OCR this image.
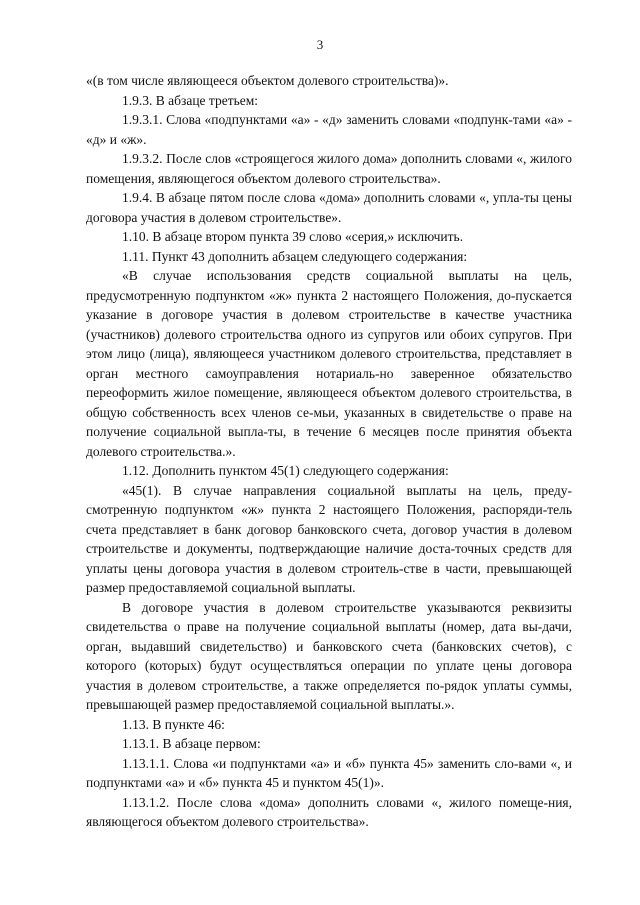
3

«(в том числе являющееся объектом долевого строительства)».

1.9.3. В абзаце третьем:

1.9.3.1. Слова «подпунктами «а» - «д» заменить словами «подпунк-тами «а» - «д» и «ж».

1.9.3.2. После слов «строящегося жилого дома» дополнить словами «, жилого помещения, являющегося объектом долевого строительства».

1.9.4. В абзаце пятом после слова «дома» дополнить словами «, упла-ты цены договора участия в долевом строительстве».

1.10. В абзаце втором пункта 39 слово «серия,» исключить.

1.11. Пункт 43 дополнить абзацем следующего содержания:

«В случае использования средств социальной выплаты на цель, предусмотренную подпунктом «ж» пункта 2 настоящего Положения, до-пускается указание в договоре участия в долевом строительстве в качестве участника (участников) долевого строительства одного из супругов или обоих супругов. При этом лицо (лица), являющееся участником долевого строительства, представляет в орган местного самоуправления нотариаль-но заверенное обязательство переоформить жилое помещение, являющееся объектом долевого строительства, в общую собственность всех членов се-мьи, указанных в свидетельстве о праве на получение социальной выпла-ты, в течение 6 месяцев после принятия объекта долевого строительства.».

1.12. Дополнить пунктом 45(1) следующего содержания:

«45(1). В случае направления социальной выплаты на цель, преду-смотренную подпунктом «ж» пункта 2 настоящего Положения, распоряди-тель счета представляет в банк договор банковского счета, договор участия в долевом строительстве и документы, подтверждающие наличие доста-точных средств для уплаты цены договора участия в долевом строитель-стве в части, превышающей размер предоставляемой социальной выплаты.

В договоре участия в долевом строительстве указываются реквизиты свидетельства о праве на получение социальной выплаты (номер, дата вы-дачи, орган, выдавший свидетельство) и банковского счета (банковских счетов), с которого (которых) будут осуществляться операции по уплате цены договора участия в долевом строительстве, а также определяется по-рядок уплаты суммы, превышающей размер предоставляемой социальной выплаты.».

1.13. В пункте 46:

1.13.1. В абзаце первом:

1.13.1.1. Слова «и подпунктами «а» и «б» пункта 45» заменить сло-вами «, и подпунктами «а» и «б» пункта 45 и пунктом 45(1)».

1.13.1.2. После слова «дома» дополнить словами «, жилого помеще-ния, являющегося объектом долевого строительства».
